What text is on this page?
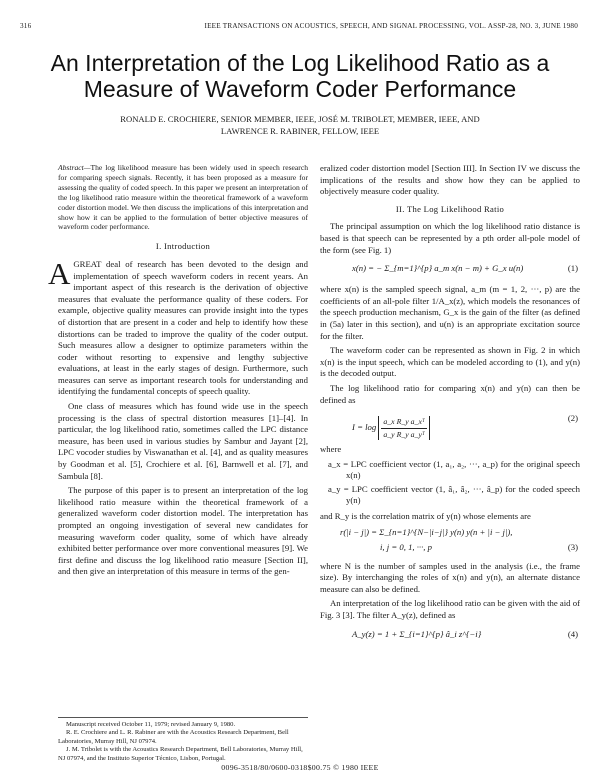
316	IEEE TRANSACTIONS ON ACOUSTICS, SPEECH, AND SIGNAL PROCESSING, VOL. ASSP-28, NO. 3, JUNE 1980
An Interpretation of the Log Likelihood Ratio as a
Measure of Waveform Coder Performance
RONALD E. CROCHIERE, SENIOR MEMBER, IEEE, JOSÉ M. TRIBOLET, MEMBER, IEEE, AND
LAWRENCE R. RABINER, FELLOW, IEEE
Abstract—The log likelihood measure has been widely used in speech research for comparing speech signals. Recently, it has been proposed as a measure for assessing the quality of coded speech. In this paper we present an interpretation of the log likelihood ratio measure within the theoretical framework of a waveform coder distortion model. We then discuss the implications of this interpretation and show how it can be applied to the formulation of better objective measures of waveform coder performance.
I. Introduction

AGREAT deal of research has been devoted to the design and implementation of speech waveform coders in recent years. An important aspect of this research is the derivation of objective measures that evaluate the performance quality of these coders. For example, objective quality measures can provide insight into the types of distortion that are present in a coder and help to identify how these distortions can be traded to improve the quality of the coder output. Such measures allow a designer to optimize parameters within the coder without resorting to expensive and lengthy subjective evaluations, at least in the early stages of design. Furthermore, such measures can serve as important research tools for understanding and identifying the fundamental concepts of speech quality.

One class of measures which has found wide use in the speech processing is the class of spectral distortion measures [1]–[4]. In particular, the log likelihood ratio, sometimes called the LPC distance measure, has been used in various studies by Sambur and Jayant [2], LPC vocoder studies by Viswanathan et al. [4], and as quality measures by Goodman et al. [5], Crochiere et al. [6], Barnwell et al. [7], and Sambula [8].

The purpose of this paper is to present an interpretation of the log likelihood ratio measure within the theoretical framework of a generalized waveform coder distortion model. The interpretation has prompted an ongoing investigation of several new candidates for measuring waveform coder quality, some of which have already exhibited better performance over more conventional measures [9]. We first define and discuss the log likelihood ratio measure [Section II], and then give an interpretation of this measure in terms of the gen-

Manuscript received October 11, 1979; revised January 9, 1980.
R. E. Crochiere and L. R. Rabiner are with the Acoustics Research Department, Bell Laboratories, Murray Hill, NJ 07974.
J. M. Tribolet is with the Acoustics Research Department, Bell Laboratories, Murray Hill, NJ 07974, and the Instituto Superior Técnico, Lisbon, Portugal.

eralized coder distortion model [Section III]. In Section IV we discuss the implications of the results and show how they can be applied to objectively measure coder quality.

II. The Log Likelihood Ratio

The principal assumption on which the log likelihood ratio distance is based is that speech can be represented by a pth order all-pole model of the form (see Fig. 1)

x(n) = − Σ_{m=1}^{p} a_m x(n − m) + G_x u(n)	(1)

where x(n) is the sampled speech signal, a_m (m = 1, 2, ···, p) are the coefficients of an all-pole filter 1/A_x(z), which models the resonances of the speech production mechanism, G_x is the gain of the filter (as defined in (5a) later in this section), and u(n) is an appropriate excitation source for the filter.

The waveform coder can be represented as shown in Fig. 2 in which x(n) is the input speech, which can be modeled according to (1), and y(n) is the decoded output.

The log likelihood ratio for comparing x(n) and y(n) can then be defined as

$I = \log \frac{\text{a\_x R\_y a\_xᵀ}}{\text{a\_y R\_y a\_yᵀ}}$	(2)

where

a_x = LPC coefficient vector (1, a₁, a₂, ···, a_p) for the original speech x(n)
a_y = LPC coefficient vector (1, â₁, â₂, ···, â_p) for the coded speech y(n)

and R_y is the correlation matrix of y(n) whose elements are

r(|i − j|) = Σ_{n=1}^{N−|i−j|} y(n) y(n + |i − j|),
i, j = 0, 1, ···, p	(3)

where N is the number of samples used in the analysis (i.e., the frame size). By interchanging the roles of x(n) and y(n), an alternate distance measure can also be defined.

An interpretation of the log likelihood ratio can be given with the aid of Fig. 3 [3]. The filter A_y(z), defined as

A_y(z) = 1 + Σ_{i=1}^{p} â_i z^{−i}	(4)
0096-3518/80/0600-0318$00.75 © 1980 IEEE
